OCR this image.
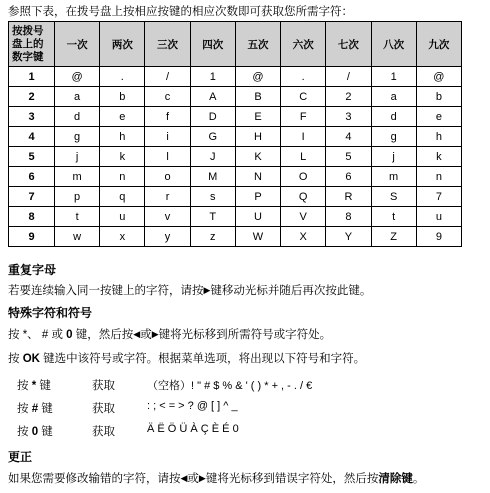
参照下表，在拨号盘上按相应按键的相应次数即可获取您所需字符：
按拨号
盘上的
数字键	一次	两次	三次	四次	五次	六次	七次	八次	九次
1	@	.	/	1	@	.	/	1	@
2	a	b	c	A	B	C	2	a	b
3	d	e	f	D	E	F	3	d	e
4	g	h	i	G	H	I	4	g	h
5	j	k	l	J	K	L	5	j	k
6	m	n	o	M	N	O	6	m	n
7	p	q	r	s	P	Q	R	S	7
8	t	u	v	T	U	V	8	t	u
9	w	x	y	z	W	X	Y	Z	9
重复字母
若要连续输入同一按键上的字符，请按▶键移动光标并随后再次按此键。
特殊字符和符号
按 *、 # 或 0 键，然后按◀或▶键将光标移到所需符号或字符处。
按 OK 键选中该符号或字符。根据菜单选项，将出现以下符号和字符。
按 * 键	获取	（空格）! " # $ % & ' ( ) * + , - . / €
按 # 键	获取	: ; < = > ? @ [ ] ^ _
按 0 键	获取	Ä Ë Ö Ü À Ç È É 0
更正
如果您需要修改输错的字符，请按◀或▶键将光标移到错误字符处，然后按清除键。
